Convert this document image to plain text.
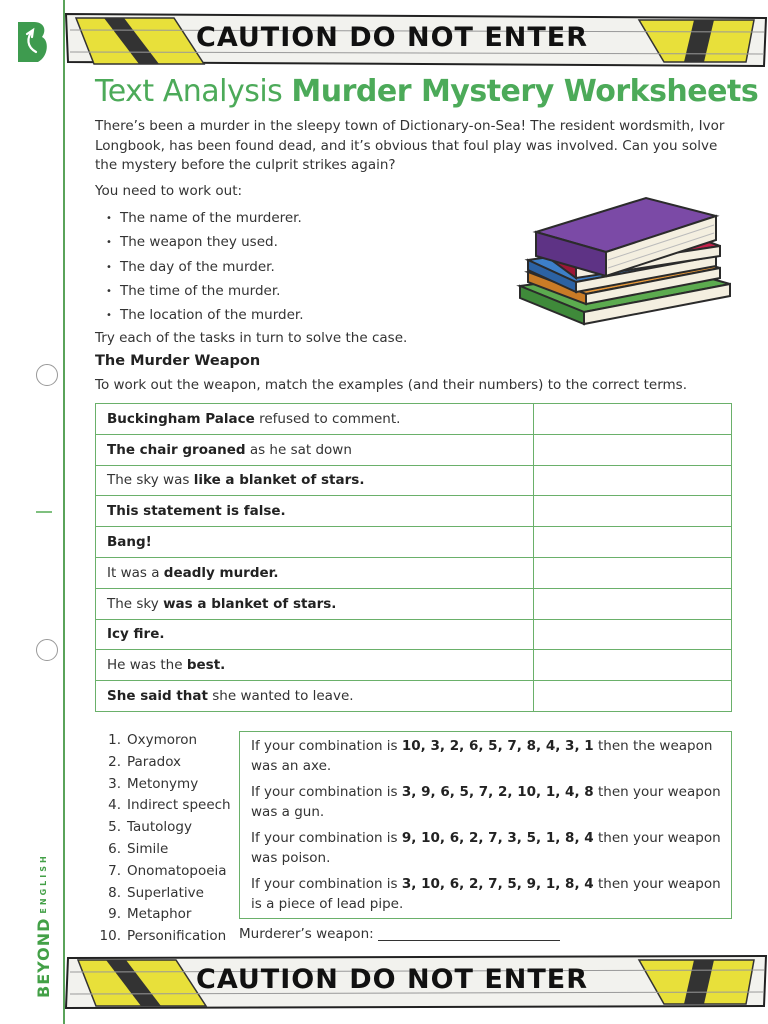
BEYONDENGLISH
CAUTION DO NOT ENTER
Text Analysis Murder Mystery Worksheets
There’s been a murder in the sleepy town of Dictionary-on-Sea! The resident wordsmith, Ivor Longbook, has been found dead, and it’s obvious that foul play was involved. Can you solve the mystery before the culprit strikes again?
You need to work out:
• The name of the murderer.
• The weapon they used.
• The day of the murder.
• The time of the murder.
• The location of the murder.
Try each of the tasks in turn to solve the case.
The Murder Weapon
To work out the weapon, match the examples (and their numbers) to the correct terms.
Buckingham Palace refused to comment.	
The chair groaned as he sat down	
The sky was like a blanket of stars.	
This statement is false.	
Bang!	
It was a deadly murder.	
The sky was a blanket of stars.	
Icy fire.	
He was the best.	
She said that she wanted to leave.	
1. Oxymoron
2. Paradox
3. Metonymy
4. Indirect speech
5. Tautology
6. Simile
7. Onomatopoeia
8. Superlative
9. Metaphor
10. Personification
If your combination is 10, 3, 2, 6, 5, 7, 8, 4, 3, 1 then the weapon was an axe.
If your combination is 3, 9, 6, 5, 7, 2, 10, 1, 4, 8 then your weapon was a gun.
If your combination is 9, 10, 6, 2, 7, 3, 5, 1, 8, 4 then your weapon was poison.
If your combination is 3, 10, 6, 2, 7, 5, 9, 1, 8, 4 then your weapon is a piece of lead pipe.
Murderer’s weapon:
CAUTION DO NOT ENTER
